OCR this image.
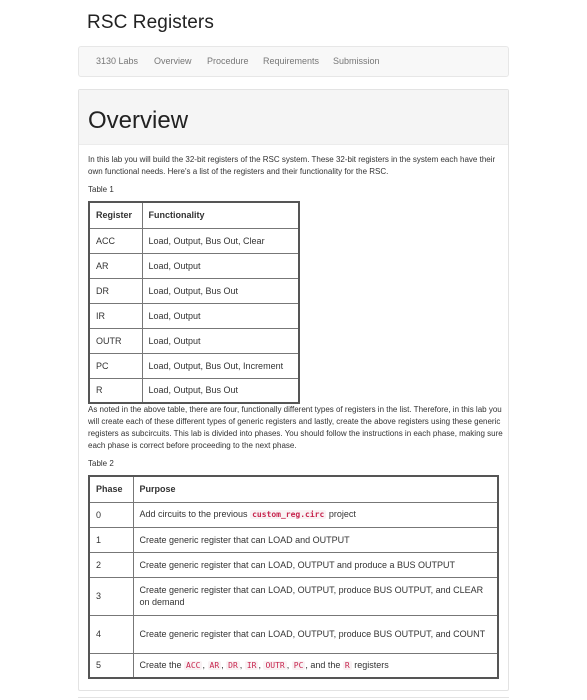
RSC Registers
3130 Labs Overview Procedure Requirements Submission
Overview

In this lab you will build the 32-bit registers of the RSC system. These 32-bit registers in the system each have their own functional needs. Here's a list of the registers and their functionality for the RSC.

Table 1
Register	Functionality
ACC	Load, Output, Bus Out, Clear
AR	Load, Output
DR	Load, Output, Bus Out
IR	Load, Output
OUTR	Load, Output
PC	Load, Output, Bus Out, Increment
R	Load, Output, Bus Out

As noted in the above table, there are four, functionally different types of registers in the list. Therefore, in this lab you will create each of these different types of generic registers and lastly, create the above registers using these generic registers as subcircuits. This lab is divided into phases. You should follow the instructions in each phase, making sure each phase is correct before proceeding to the next phase.

Table 2
Phase	Purpose
0	Add circuits to the previous custom_reg.circ project
1	Create generic register that can LOAD and OUTPUT
2	Create generic register that can LOAD, OUTPUT and produce a BUS OUTPUT
3	Create generic register that can LOAD, OUTPUT, produce BUS OUTPUT, and CLEAR on demand
4	Create generic register that can LOAD, OUTPUT, produce BUS OUTPUT, and COUNT
5	Create the ACC , AR , DR , IR , OUTR , PC , and the R registers
